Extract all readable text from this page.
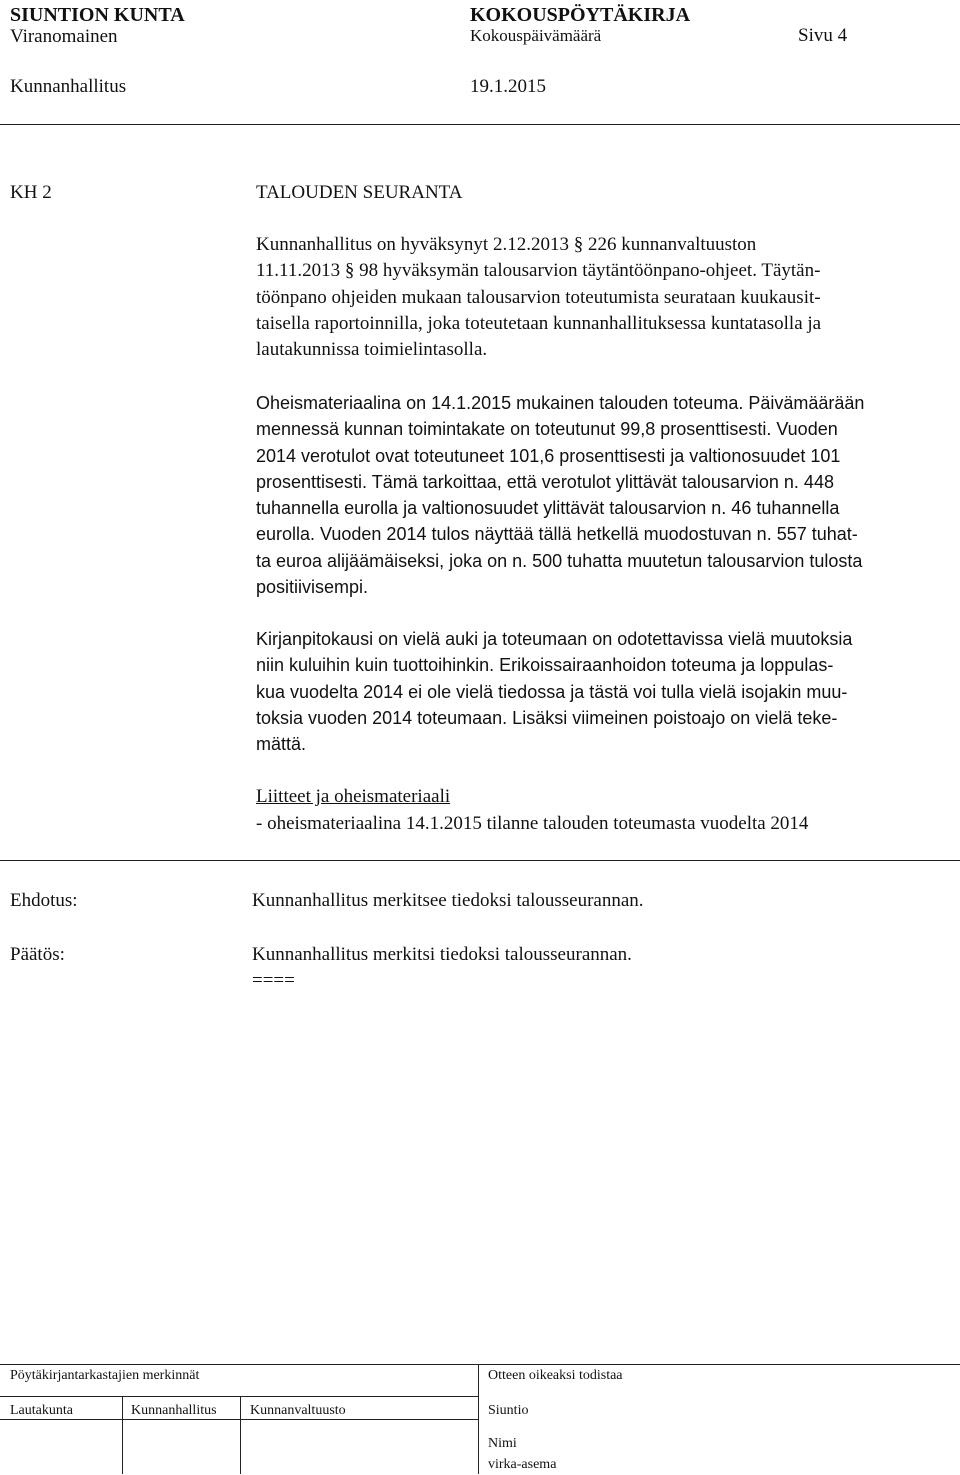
SIUNTION KUNTA	KOKOUSPÖYTÄKIRJA
Viranomainen	Kokouspäivämäärä	Sivu 4
Kunnanhallitus	19.1.2015
KH 2	TALOUDEN SEURANTA
Kunnanhallitus on hyväksynyt 2.12.2013 § 226 kunnanvaltuuston
11.11.2013 § 98 hyväksymän talousarvion täytäntöönpano-ohjeet. Täytän-
töönpano ohjeiden mukaan talousarvion toteutumista seurataan kuukausit-
taisella raportoinnilla, joka toteutetaan kunnanhallituksessa kuntatasolla ja
lautakunnissa toimielintasolla.
Oheismateriaalina on 14.1.2015 mukainen talouden toteuma. Päivämäärään
mennessä kunnan toimintakate on toteutunut 99,8 prosenttisesti. Vuoden
2014 verotulot ovat toteutuneet 101,6 prosenttisesti ja valtionosuudet 101
prosenttisesti. Tämä tarkoittaa, että verotulot ylittävät talousarvion n. 448
tuhannella eurolla ja valtionosuudet ylittävät talousarvion n. 46 tuhannella
eurolla. Vuoden 2014 tulos näyttää tällä hetkellä muodostuvan n. 557 tuhat-
ta euroa alijäämäiseksi, joka on n. 500 tuhatta muutetun talousarvion tulosta
positiivisempi.
Kirjanpitokausi on vielä auki ja toteumaan on odotettavissa vielä muutoksia
niin kuluihin kuin tuottoihinkin. Erikoissairaanhoidon toteuma ja loppulas-
kua vuodelta 2014 ei ole vielä tiedossa ja tästä voi tulla vielä isojakin muu-
toksia vuoden 2014 toteumaan. Lisäksi viimeinen poistoajo on vielä teke-
mättä.
Liitteet ja oheismateriaali
- oheismateriaalina 14.1.2015 tilanne talouden toteumasta vuodelta 2014
Ehdotus:	Kunnanhallitus merkitsee tiedoksi talousseurannan.
Päätös:	Kunnanhallitus merkitsi tiedoksi talousseurannan.
====
Pöytäkirjantarkastajien merkinnät	Otteen oikeaksi todistaa
Lautakunta	Kunnanhallitus Kunnanvaltuusto	Siuntio
Nimi
virka-asema
